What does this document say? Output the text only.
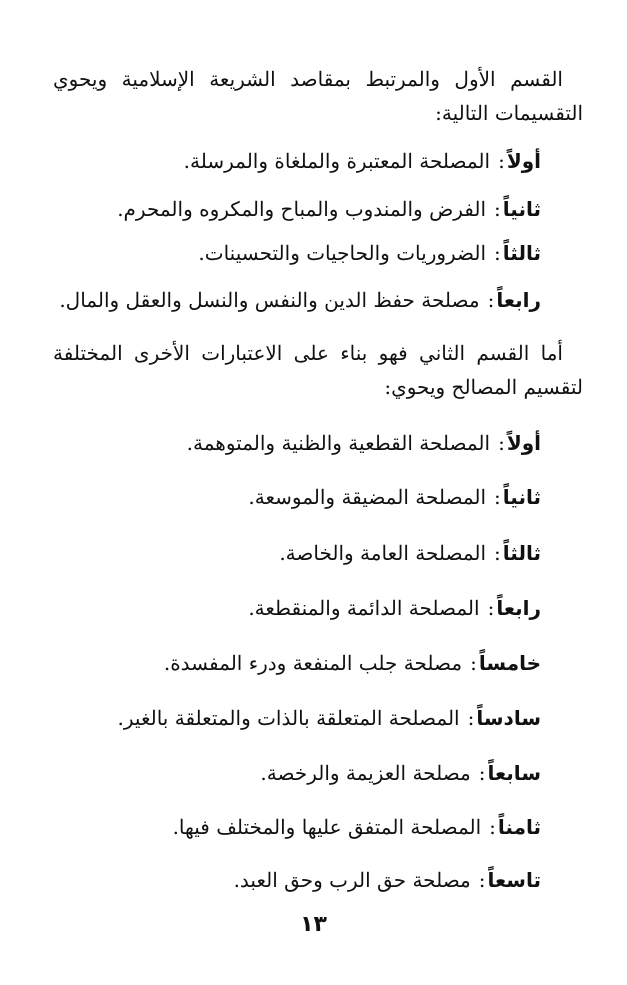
القسم الأول والمرتبط بمقاصد الشريعة الإسلامية ويحوي التقسيمات التالية:
أولاً:المصلحة المعتبرة والملغاة والمرسلة.
ثانياً:الفرض والمندوب والمباح والمكروه والمحرم.
ثالثاً:الضروريات والحاجيات والتحسينات.
رابعاً:مصلحة حفظ الدين والنفس والنسل والعقل والمال.
أما القسم الثاني فهو بناء على الاعتبارات الأخرى المختلفة لتقسيم المصالح ويحوي:
أولاً:المصلحة القطعية والظنية والمتوهمة.
ثانياً:المصلحة المضيقة والموسعة.
ثالثاً:المصلحة العامة والخاصة.
رابعاً:المصلحة الدائمة والمنقطعة.
خامساً:مصلحة جلب المنفعة ودرء المفسدة.
سادساً:المصلحة المتعلقة بالذات والمتعلقة بالغير.
سابعاً:مصلحة العزيمة والرخصة.
ثامناً:المصلحة المتفق عليها والمختلف فيها.
تاسعاً:مصلحة حق الرب وحق العبد.
١٣
